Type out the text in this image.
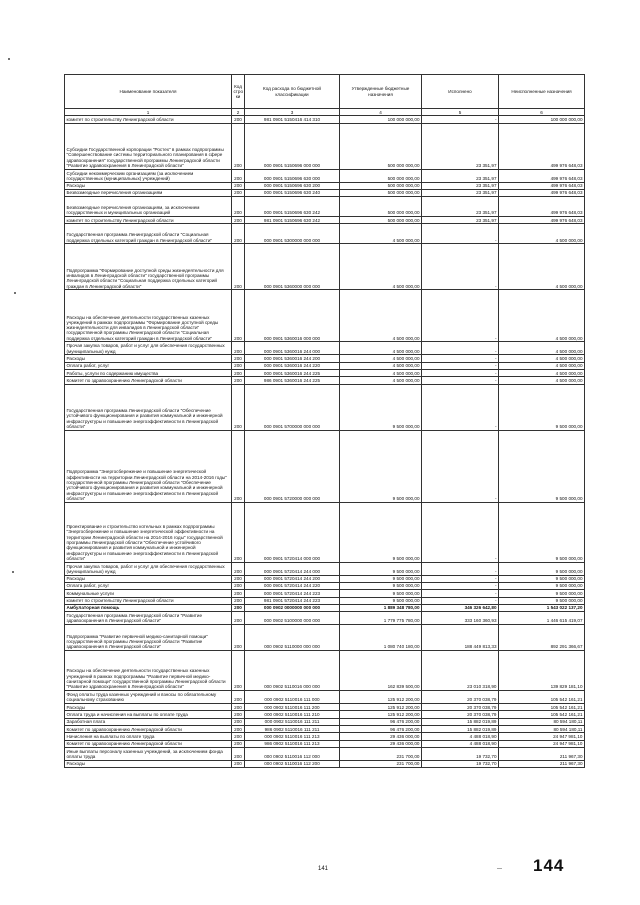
Наименование показателя	Код стро ки	Код расхода по бюджетной классификации	Утвержденные бюджетные назначения	Исполнено	Неисполненные назначения
1	2	3	4	5	6
комитет по строительству Ленинградской области	200	981 0901 5150416 414 310	100 000 000,00	-	100 000 000,00
Субсидии Государственной корпорации "Ростех" в рамках подпрограммы "Совершенствование системы территориального планирования в сфере здравоохранения" государственной программы Ленинградской области "Развитие здравоохранения в Ленинградской области"	200	000 0901 5150696 000 000	500 000 000,00	23 351,97	499 976 648,03
Субсидии некоммерческим организациям (за исключением государственных (муниципальных) учреждений)	200	000 0901 5150696 630 000	500 000 000,00	23 351,97	499 976 648,03
Расходы	200	000 0901 5150696 630 200	500 000 000,00	23 351,97	499 976 648,03
Безвозмездные перечисления организациям	200	000 0901 5150696 630 240	500 000 000,00	23 351,97	499 976 648,03
Безвозмездные перечисления организациям, за исключением государственных и муниципальных организаций	200	000 0901 5150696 630 242	500 000 000,00	23 351,97	499 976 648,03
комитет по строительству Ленинградской области	200	981 0901 5150696 630 242	500 000 000,00	23 351,97	499 976 648,03
Государственная программа Ленинградской области "Социальная поддержка отдельных категорий граждан в Ленинградской области"	200	000 0901 5300000 000 000	4 500 000,00	-	4 500 000,00
Подпрограмма "Формирование доступной среды жизнедеятельности для инвалидов в Ленинградской области" государственной программы Ленинградской области "Социальная поддержка отдельных категорий граждан в Ленинградской области"	200	000 0901 5360000 000 000	4 500 000,00	-	4 500 000,00
Расходы на обеспечение деятельности государственных казенных учреждений в рамках подпрограммы "Формирование доступной среды жизнедеятельности для инвалидов в Ленинградской области" государственной программы Ленинградской области "Социальная поддержка отдельных категорий граждан в Ленинградской области"	200	000 0901 5360016 000 000	4 500 000,00	-	4 500 000,00
Прочая закупка товаров, работ и услуг для обеспечения государственных (муниципальных) нужд	200	000 0901 5360016 244 000	4 500 000,00	-	4 500 000,00
Расходы	200	000 0901 5360016 244 200	4 500 000,00	-	4 500 000,00
Оплата работ, услуг	200	000 0901 5360016 244 220	4 500 000,00	-	4 500 000,00
Работы, услуги по содержанию имущества	200	000 0901 5360016 244 225	4 500 000,00	-	4 500 000,00
Комитет по здравоохранению Ленинградской области	200	986 0901 5360016 244 225	4 500 000,00	-	4 500 000,00
Государственная программа Ленинградской области "Обеспечение устойчивого функционирования и развития коммунальной и инженерной инфраструктуры и повышение энергоэффективности в Ленинградской области"	200	000 0901 5700000 000 000	9 500 000,00	-	9 500 000,00
Подпрограмма "Энергосбережение и повышение энергетической эффективности на территории Ленинградской области на 2014-2016 годы" государственной программы Ленинградской области "Обеспечение устойчивого функционирования и развития коммунальной и инженерной инфраструктуры и повышение энергоэффективности в Ленинградской области"	200	000 0901 5720000 000 000	9 500 000,00	-	9 500 000,00
Проектирование и строительство котельных в рамках подпрограммы "Энергосбережение и повышение энергетической эффективности на территории Ленинградской области на 2014-2016 годы" государственной программы Ленинградской области "Обеспечение устойчивого функционирования и развития коммунальной и инженерной инфраструктуры и повышение энергоэффективности в Ленинградской области"	200	000 0901 5720414 000 000	9 500 000,00	-	9 500 000,00
Прочая закупка товаров, работ и услуг для обеспечения государственных (муниципальных) нужд	200	000 0901 5720414 244 000	9 500 000,00	-	9 500 000,00
Расходы	200	000 0901 5720414 244 200	9 500 000,00	-	9 500 000,00
Оплата работ, услуг	200	000 0901 5720414 244 220	9 500 000,00	-	9 500 000,00
Коммунальные услуги	200	000 0901 5720414 244 223	9 500 000,00	-	9 500 000,00
комитет по строительству Ленинградской области	200	981 0901 5720414 244 223	9 500 000,00	-	9 500 000,00
Амбулаторная помощь	200	000 0902 0000000 000 000	1 889 348 780,00	346 326 642,80	1 543 022 137,20
Государственная программа Ленинградской области "Развитие здравоохранения в Ленинградской области"	200	000 0902 5100000 000 000	1 779 775 780,00	333 160 360,93	1 446 615 419,07
Подпрограмма "Развитие первичной медико-санитарной помощи" государственной программы Ленинградской области "Развитие здравоохранения в Ленинградской области"	200	000 0902 5110000 000 000	1 080 740 180,00	188 449 813,33	892 291 366,67
Расходы на обеспечение деятельности государственных казенных учреждений в рамках подпрограммы "Развитие первичной медико-санитарной помощи" государственной программы Ленинградской области "Развитие здравоохранения в Ленинградской области"	200	000 0902 5110016 000 000	162 839 500,00	23 010 318,90	139 829 181,10
Фонд оплаты труда казенных учреждений и взносы по обязательному социальному страхованию	200	000 0902 5110016 111 000	125 912 200,00	20 370 038,79	105 542 161,21
Расходы	200	000 0902 5110016 111 200	125 912 200,00	20 370 038,79	105 542 161,21
Оплата труда и начисления на выплаты по оплате труда	200	000 0902 5110016 111 210	125 912 200,00	20 370 038,79	105 542 161,21
Заработная плата	200	000 0902 5110016 111 211	96 476 200,00	15 882 019,89	80 594 180,11
Комитет по здравоохранению Ленинградской области	200	986 0902 5110016 111 211	96 476 200,00	15 882 019,89	80 594 180,11
Начисления на выплаты по оплате труда	200	000 0902 5110016 111 213	29 436 000,00	4 488 018,90	24 947 981,10
Комитет по здравоохранению Ленинградской области	200	986 0902 5110016 111 213	29 436 000,00	4 488 018,90	24 947 981,10
Иные выплаты персоналу казенных учреждений, за исключением фонда оплаты труда	200	000 0902 5110016 112 000	231 700,00	19 732,70	211 967,30
Расходы	200	000 0902 5110016 112 200	231 700,00	19 732,70	211 967,30
141	— 144
